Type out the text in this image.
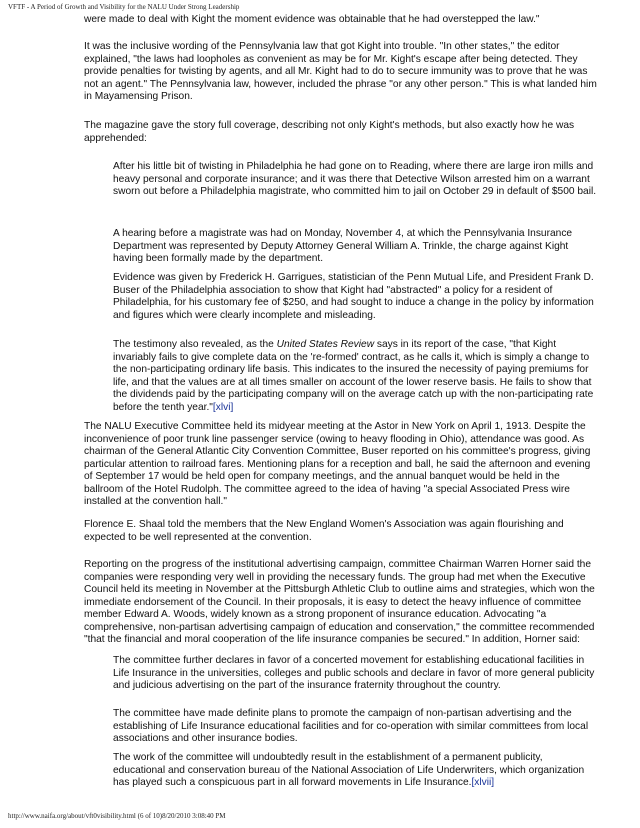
VFTF - A Period of Growth and Visibility for the NALU Under Strong Leadership

were made to deal with Kight the moment evidence was obtainable that he had overstepped the law."

It was the inclusive wording of the Pennsylvania law that got Kight into trouble. "In other states," the editor explained, "the laws had loopholes as convenient as may be for Mr. Kight's escape after being detected. They provide penalties for twisting by agents, and all Mr. Kight had to do to secure immunity was to prove that he was not an agent." The Pennsylvania law, however, included the phrase "or any other person." This is what landed him in Mayamensing Prison.

The magazine gave the story full coverage, describing not only Kight's methods, but also exactly how he was apprehended:

After his little bit of twisting in Philadelphia he had gone on to Reading, where there are large iron mills and heavy personal and corporate insurance; and it was there that Detective Wilson arrested him on a warrant sworn out before a Philadelphia magistrate, who committed him to jail on October 29 in default of $500 bail.

A hearing before a magistrate was had on Monday, November 4, at which the Pennsylvania Insurance Department was represented by Deputy Attorney General William A. Trinkle, the charge against Kight having been formally made by the department.

Evidence was given by Frederick H. Garrigues, statistician of the Penn Mutual Life, and President Frank D. Buser of the Philadelphia association to show that Kight had "abstracted" a policy for a resident of Philadelphia, for his customary fee of $250, and had sought to induce a change in the policy by information and figures which were clearly incomplete and misleading.

The testimony also revealed, as the United States Review says in its report of the case, "that Kight invariably fails to give complete data on the 're-formed' contract, as he calls it, which is simply a change to the non-participating ordinary life basis. This indicates to the insured the necessity of paying premiums for life, and that the values are at all times smaller on account of the lower reserve basis. He fails to show that the dividends paid by the participating company will on the average catch up with the non-participating rate before the tenth year."[xlvi]

The NALU Executive Committee held its midyear meeting at the Astor in New York on April 1, 1913. Despite the inconvenience of poor trunk line passenger service (owing to heavy flooding in Ohio), attendance was good. As chairman of the General Atlantic City Convention Committee, Buser reported on his committee's progress, giving particular attention to railroad fares. Mentioning plans for a reception and ball, he said the afternoon and evening of September 17 would be held open for company meetings, and the annual banquet would be held in the ballroom of the Hotel Rudolph. The committee agreed to the idea of having "a special Associated Press wire installed at the convention hall."

Florence E. Shaal told the members that the New England Women's Association was again flourishing and expected to be well represented at the convention.

Reporting on the progress of the institutional advertising campaign, committee Chairman Warren Horner said the companies were responding very well in providing the necessary funds. The group had met when the Executive Council held its meeting in November at the Pittsburgh Athletic Club to outline aims and strategies, which won the immediate endorsement of the Council. In their proposals, it is easy to detect the heavy influence of committee member Edward A. Woods, widely known as a strong proponent of insurance education. Advocating "a comprehensive, non-partisan advertising campaign of education and conservation," the committee recommended "that the financial and moral cooperation of the life insurance companies be secured." In addition, Horner said:

The committee further declares in favor of a concerted movement for establishing educational facilities in Life Insurance in the universities, colleges and public schools and declare in favor of more general publicity and judicious advertising on the part of the insurance fraternity throughout the country.

The committee have made definite plans to promote the campaign of non-partisan advertising and the establishing of Life Insurance educational facilities and for co-operation with similar committees from local associations and other insurance bodies.

The work of the committee will undoubtedly result in the establishment of a permanent publicity, educational and conservation bureau of the National Association of Life Underwriters, which organization has played such a conspicuous part in all forward movements in Life Insurance.[xlvii]

http://www.naifa.org/about/vft0visibility.html (6 of 10)8/20/2010 3:08:40 PM
